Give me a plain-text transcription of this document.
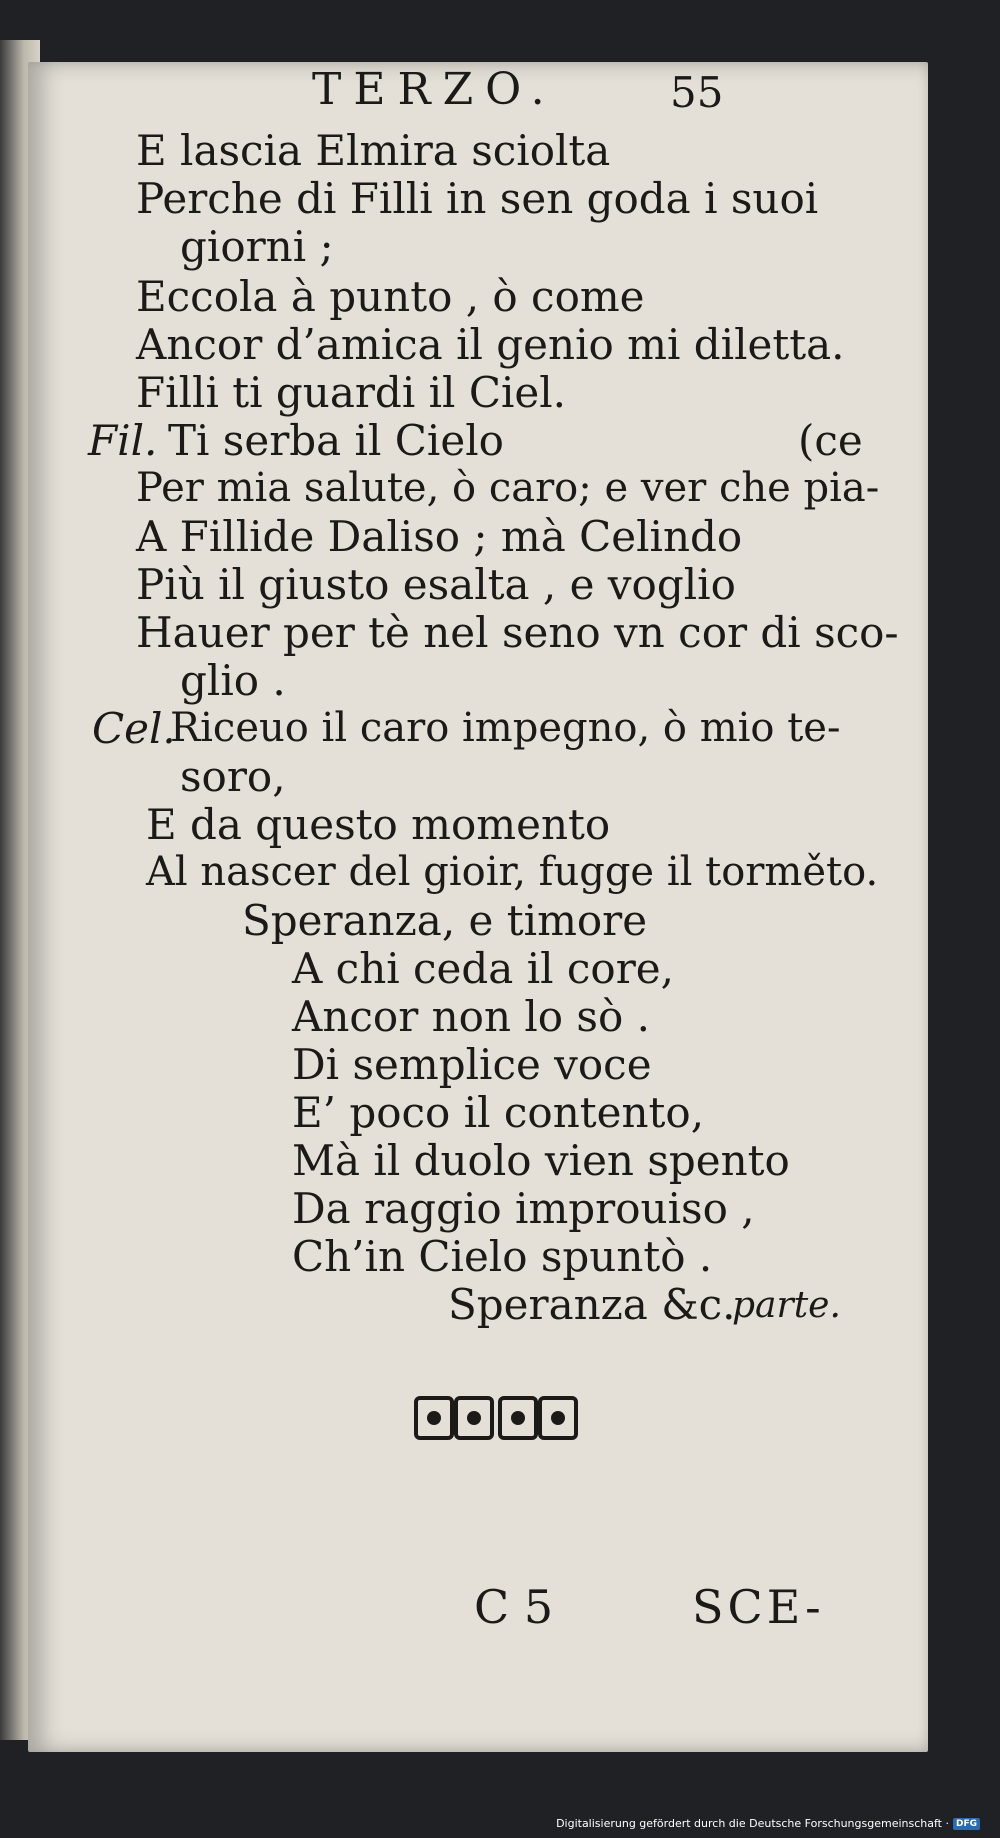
TERZO.	55
E lascia Elmira sciolta
Perche di Filli in sen goda i suoi
giorni ;
Eccola à punto , ò come
Ancor d’amica il genio mi diletta.
Filli ti guardi il Ciel.
Fil. Ti serba il Cielo	(ce
Per mia salute, ò caro; e ver che pia-
A Fillide Daliso ; mà Celindo
Più il giusto esalta , e voglio
Hauer per tè nel seno vn cor di sco-
glio .
Cel.
Riceuo il caro impegno, ò mio te-
soro,
E da questo momento
Al nascer del gioir, fugge il torměto.
Speranza, e timore
A chi ceda il core,
Ancor non lo sò .
Di semplice voce
E’ poco il contento,
Mà il duolo vien spento
Da raggio improuiso ,
Ch’in Cielo spuntò .
Speranza &c.
parte.
C 5	SCE-
Digitalisierung gefördert durch die Deutsche Forschungsgemeinschaft · DFG
